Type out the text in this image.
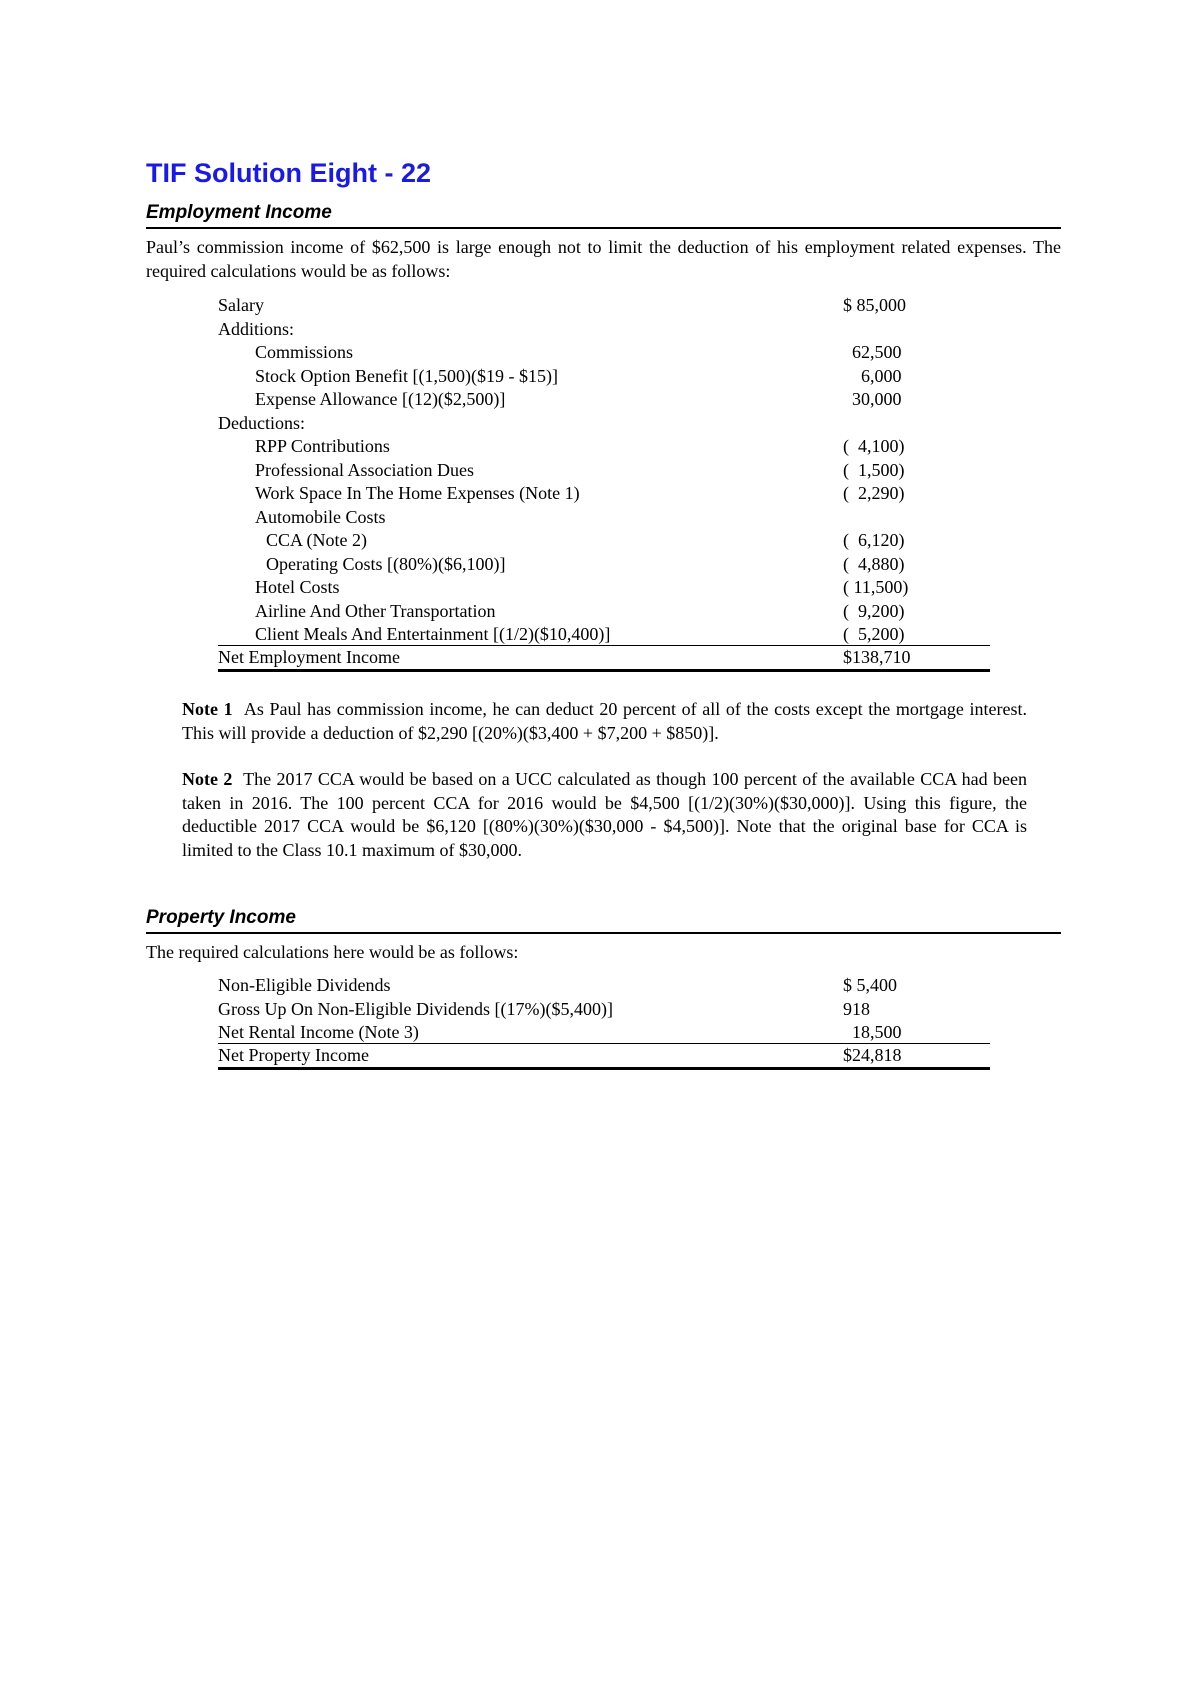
TIF Solution Eight - 22
Employment Income

Paul’s commission income of $62,500 is large enough not to limit the deduction of his employment related expenses. The required calculations would be as follows:

Salary	$ 85,000
Additions:
Commissions	62,500
Stock Option Benefit [(1,500)($19 - $15)]	6,000
Expense Allowance [(12)($2,500)]	30,000
Deductions:
RPP Contributions	(  4,100)
Professional Association Dues	(  1,500)
Work Space In The Home Expenses (Note 1)	(  2,290)
Automobile Costs
CCA (Note 2)	(  6,120)
Operating Costs [(80%)($6,100)]	(  4,880)
Hotel Costs	( 11,500)
Airline And Other Transportation	(  9,200)
Client Meals And Entertainment [(1/2)($10,400)]	(  5,200)
Net Employment Income	$138,710

Note 1 As Paul has commission income, he can deduct 20 percent of all of the costs except the mortgage interest. This will provide a deduction of $2,290 [(20%)($3,400 + $7,200 + $850)].

Note 2 The 2017 CCA would be based on a UCC calculated as though 100 percent of the available CCA had been taken in 2016. The 100 percent CCA for 2016 would be $4,500 [(1/2)(30%)($30,000)]. Using this figure, the deductible 2017 CCA would be $6,120 [(80%)(30%)($30,000 - $4,500)]. Note that the original base for CCA is limited to the Class 10.1 maximum of $30,000.

Property Income

The required calculations here would be as follows:

Non-Eligible Dividends	$ 5,400
Gross Up On Non-Eligible Dividends [(17%)($5,400)]	918
Net Rental Income (Note 3)	18,500
Net Property Income	$24,818
